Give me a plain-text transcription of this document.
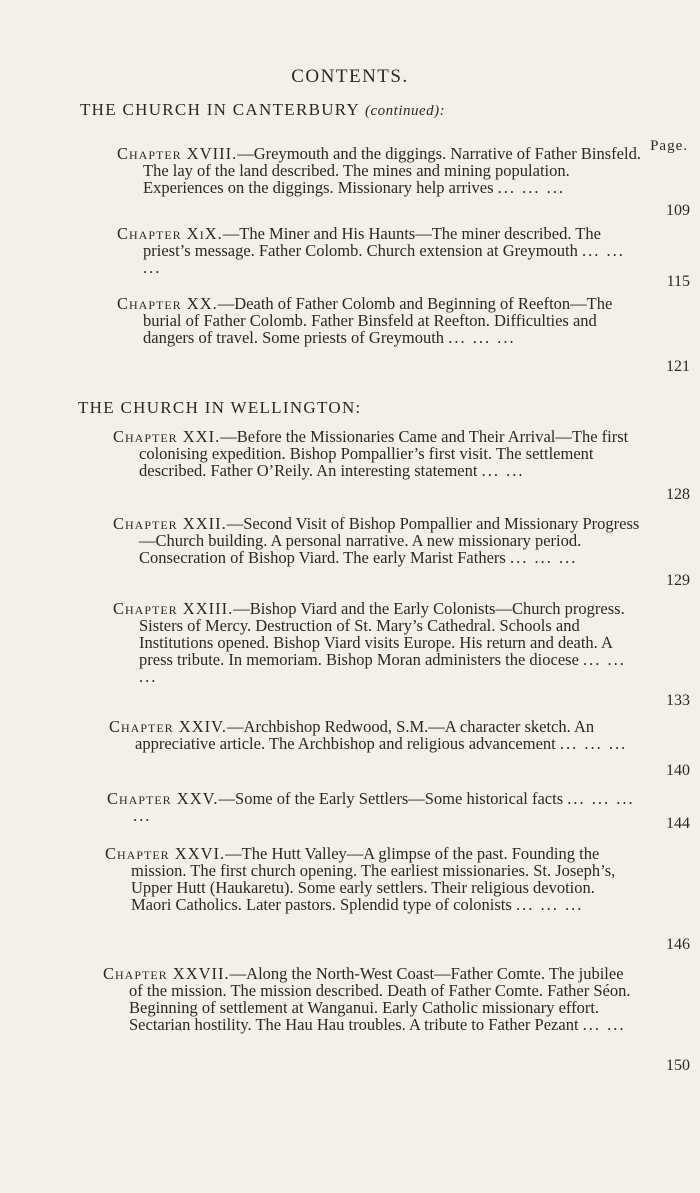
CONTENTS.
THE CHURCH IN CANTERBURY (continued):
Page.
Chapter XVIII.—Greymouth and the diggings. Narrative of Father Binsfeld. The lay of the land described. The mines and mining population. Experiences on the diggings. Missionary help arrives ... ... ...
109
Chapter XıX.—The Miner and His Haunts—The miner described. The priest’s message. Father Colomb. Church extension at Greymouth ... ... ...
115
Chapter XX.—Death of Father Colomb and Beginning of Reefton—The burial of Father Colomb. Father Binsfeld at Reefton. Difficulties and dangers of travel. Some priests of Greymouth ... ... ...
121
THE CHURCH IN WELLINGTON:
Chapter XXI.—Before the Missionaries Came and Their Arrival—The first colonising expedition. Bishop Pompallier’s first visit. The settlement described. Father O’Reily. An interesting statement ... ...
128
Chapter XXII.—Second Visit of Bishop Pompallier and Missionary Progress—Church building. A personal narrative. A new missionary period. Consecration of Bishop Viard. The early Marist Fathers ... ... ...
129
Chapter XXIII.—Bishop Viard and the Early Colonists—Church progress. Sisters of Mercy. Destruction of St. Mary’s Cathedral. Schools and Institutions opened. Bishop Viard visits Europe. His return and death. A press tribute. In memoriam. Bishop Moran administers the diocese ... ... ...
133
Chapter XXIV.—Archbishop Redwood, S.M.—A character sketch. An appreciative article. The Archbishop and religious advancement ... ... ...
140
Chapter XXV.—Some of the Early Settlers—Some historical facts ... ... ... ...	144
Chapter XXVI.—The Hutt Valley—A glimpse of the past. Founding the mission. The first church opening. The earliest missionaries. St. Joseph’s, Upper Hutt (Haukaretu). Some early settlers. Their religious devotion. Maori Catholics. Later pastors. Splendid type of colonists ... ... ...
146
Chapter XXVII.—Along the North-West Coast—Father Comte. The jubilee of the mission. The mission described. Death of Father Comte. Father Séon. Beginning of settlement at Wanganui. Early Catholic missionary effort. Sectarian hostility. The Hau Hau troubles. A tribute to Father Pezant ... ...
150
